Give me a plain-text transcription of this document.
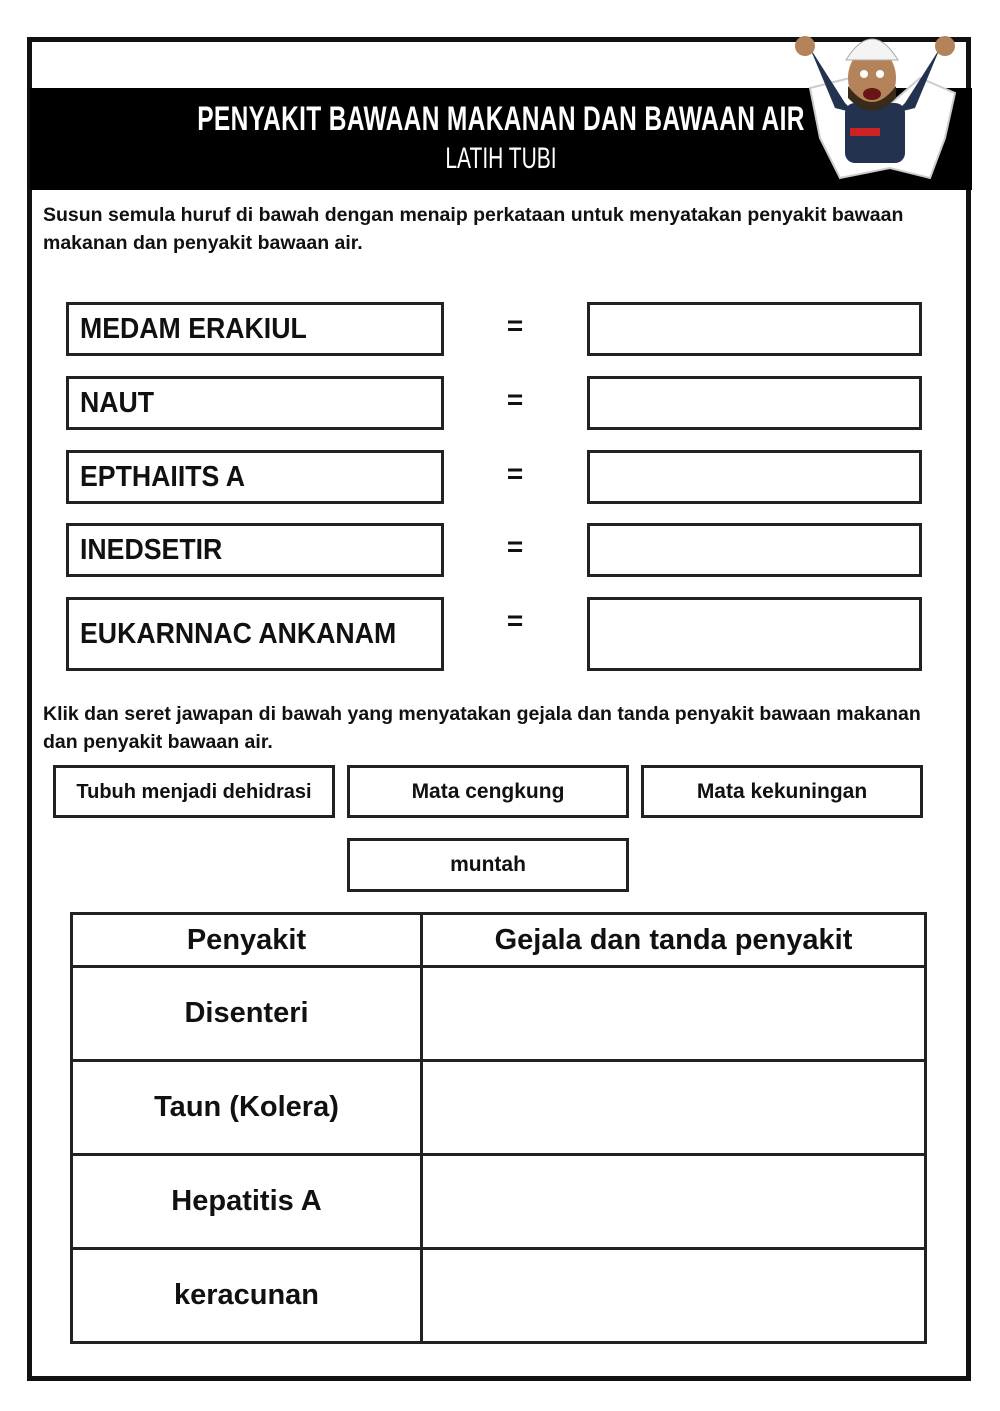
PENYAKIT BAWAAN MAKANAN DAN BAWAAN AIR
LATIH TUBI
Susun semula huruf di bawah dengan menaip perkataan untuk menyatakan penyakit bawaan makanan dan penyakit bawaan air.
MEDAM ERAKIUL	=
NAUT	=
EPTHAIITS A	=
INEDSETIR	=
EUKARNNAC ANKANAM	=
Klik dan seret jawapan di bawah yang menyatakan gejala dan tanda penyakit bawaan makanan dan penyakit bawaan air.
Tubuh menjadi dehidrasi	Mata cengkung	Mata kekuningan
muntah
Penyakit	Gejala dan tanda penyakit
Disenteri	
Taun (Kolera)	
Hepatitis A	
keracunan	
